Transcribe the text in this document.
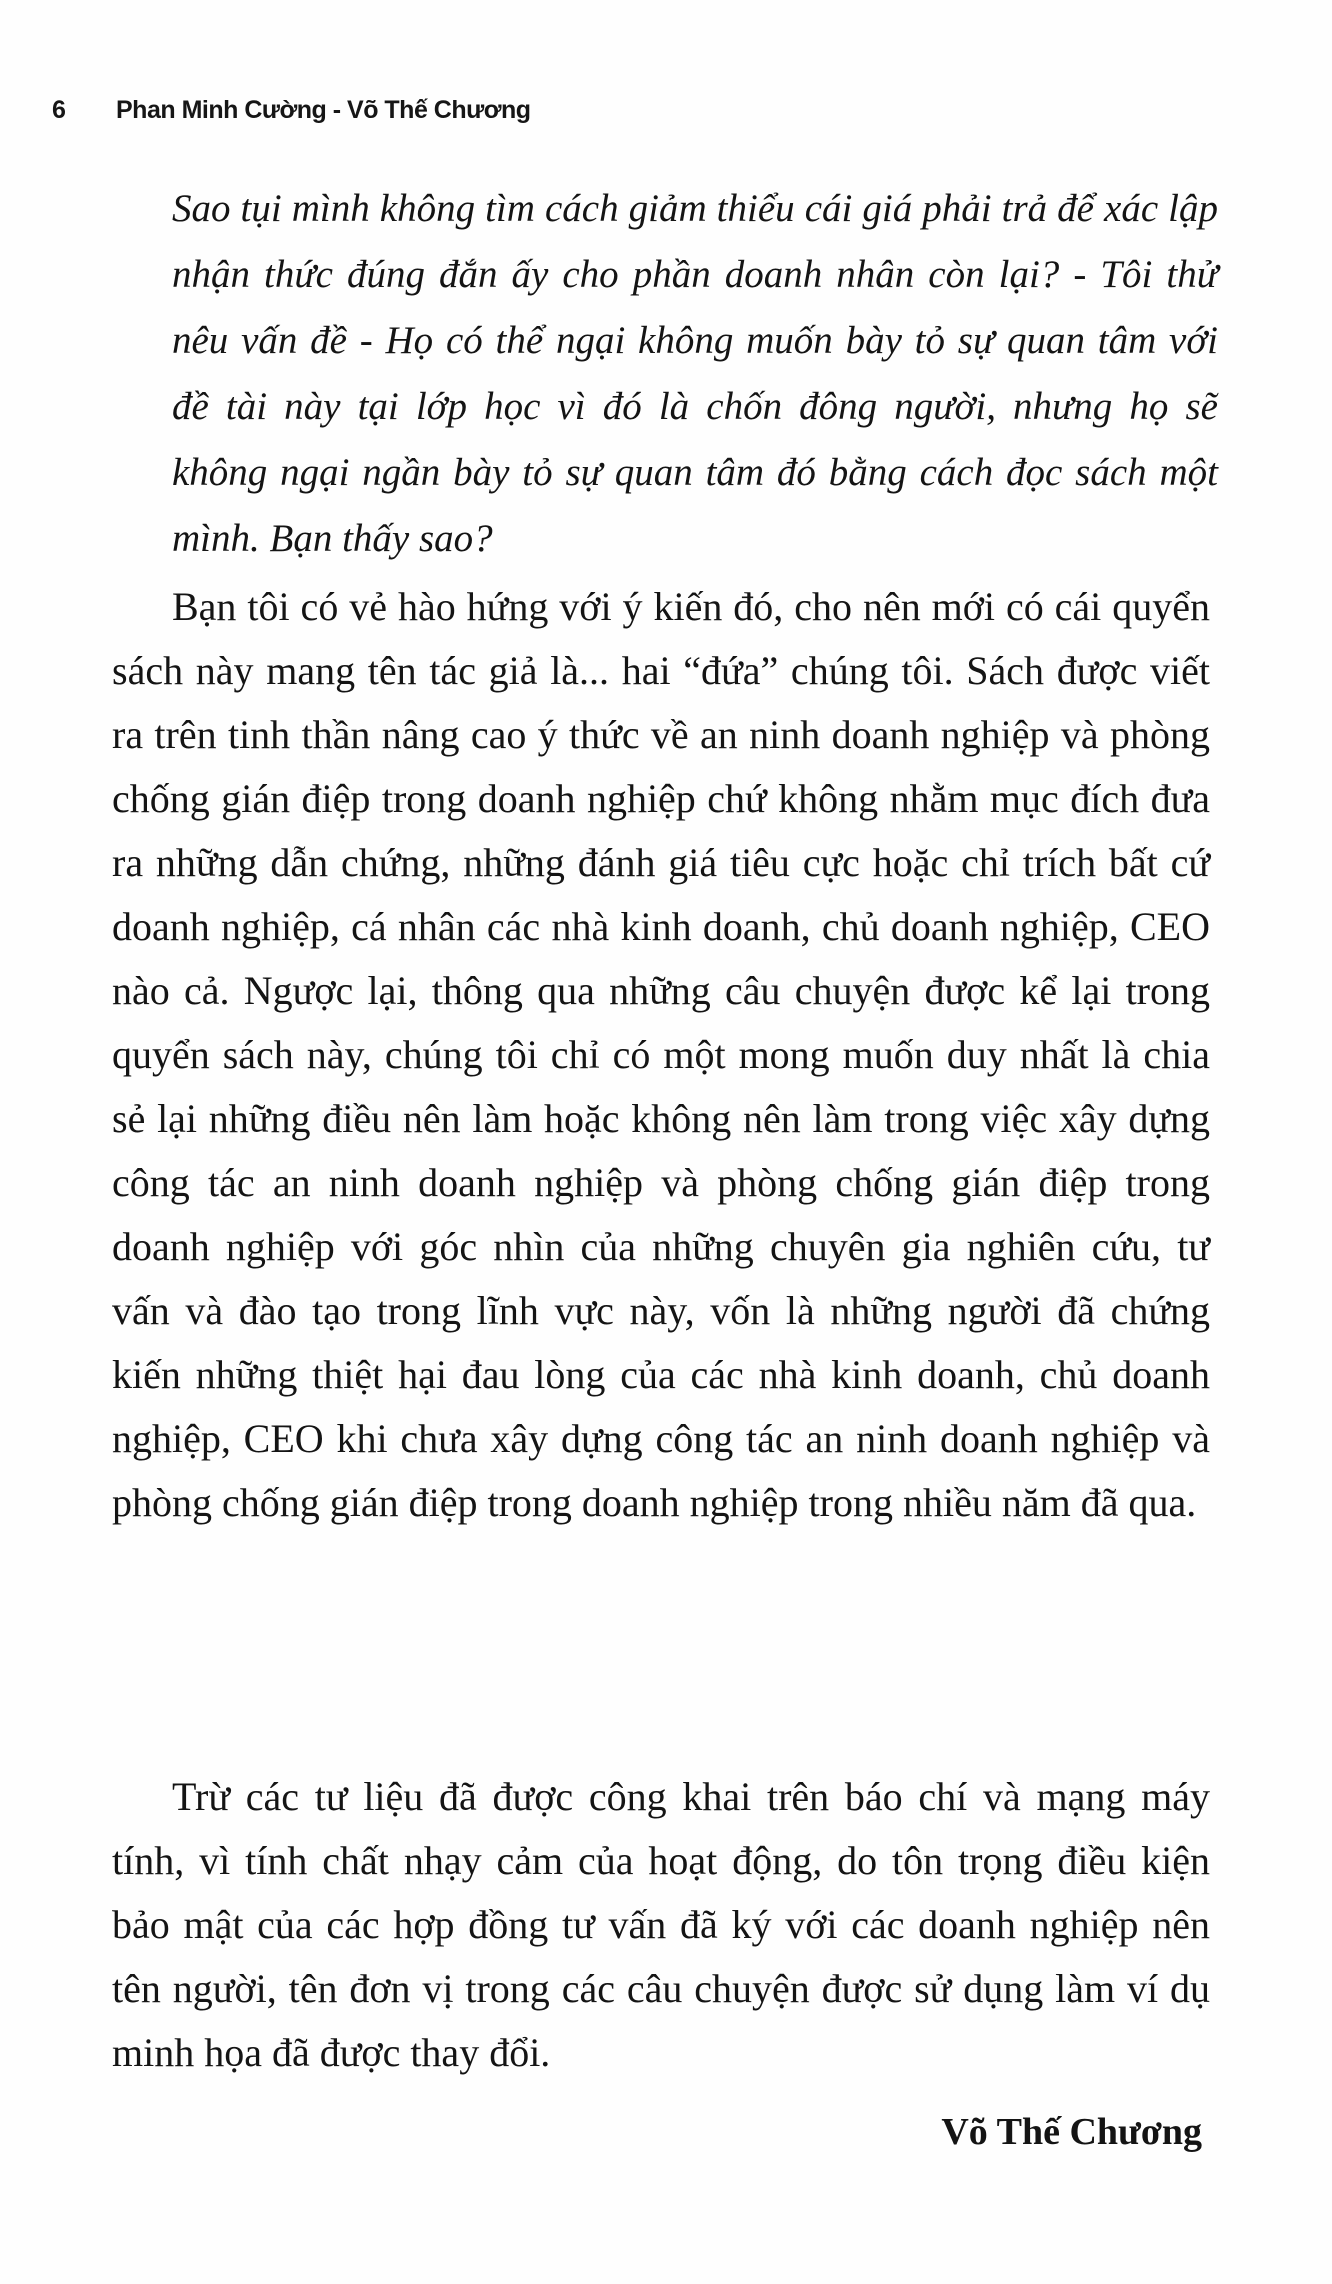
6	Phan Minh Cường - Võ Thế Chương
Sao tụi mình không tìm cách giảm thiểu cái giá phải trả để xác lập nhận thức đúng đắn ấy cho phần doanh nhân còn lại? - Tôi thử nêu vấn đề - Họ có thể ngại không muốn bày tỏ sự quan tâm với đề tài này tại lớp học vì đó là chốn đông người, nhưng họ sẽ không ngại ngần bày tỏ sự quan tâm đó bằng cách đọc sách một mình. Bạn thấy sao?

Bạn tôi có vẻ hào hứng với ý kiến đó, cho nên mới có cái quyển sách này mang tên tác giả là... hai “đứa” chúng tôi. Sách được viết ra trên tinh thần nâng cao ý thức về an ninh doanh nghiệp và phòng chống gián điệp trong doanh nghiệp chứ không nhằm mục đích đưa ra những dẫn chứng, những đánh giá tiêu cực hoặc chỉ trích bất cứ doanh nghiệp, cá nhân các nhà kinh doanh, chủ doanh nghiệp, CEO nào cả. Ngược lại, thông qua những câu chuyện được kể lại trong quyển sách này, chúng tôi chỉ có một mong muốn duy nhất là chia sẻ lại những điều nên làm hoặc không nên làm trong việc xây dựng công tác an ninh doanh nghiệp và phòng chống gián điệp trong doanh nghiệp với góc nhìn của những chuyên gia nghiên cứu, tư vấn và đào tạo trong lĩnh vực này, vốn là những người đã chứng kiến những thiệt hại đau lòng của các nhà kinh doanh, chủ doanh nghiệp, CEO khi chưa xây dựng công tác an ninh doanh nghiệp và phòng chống gián điệp trong doanh nghiệp trong nhiều năm đã qua.

Trừ các tư liệu đã được công khai trên báo chí và mạng máy tính, vì tính chất nhạy cảm của hoạt động, do tôn trọng điều kiện bảo mật của các hợp đồng tư vấn đã ký với các doanh nghiệp nên tên người, tên đơn vị trong các câu chuyện được sử dụng làm ví dụ minh họa đã được thay đổi.

Võ Thế Chương
